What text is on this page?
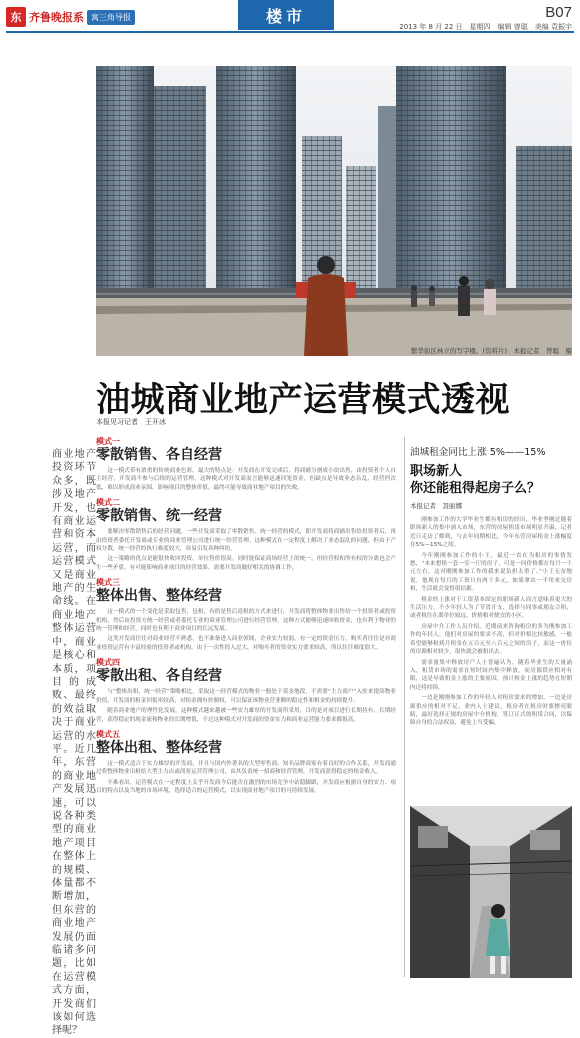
东 齐鲁晚报系 寓三角导报	楼市	B07
2013 年 8 月 22 日　星期四　编辑 曾聪　美编 袁振宇
繁华街区林立的写字楼。(资料片)　本报记者　曾聪　摄
商业地产投资环节众多，既涉及地产开发，也有商业运营和资本运营，而运营模式又是商业地产的生命线。在商业地产整体运营中，商业是核心和本质，项目的成败、最终的效益取决于商业运营的水平。近几年，东营的商业地产发展迅速，可以说各种类型的商业地产项目在整体上的规模、体量都不断增加，但东营的商业地产发展仍面临诸多问题，比如在运营模式方面，开发商们该如何选择呢？
油城商业地产运营模式透视
本报见习记者　王开冰
模式一
零散销售、各自经营

这一模式带有浓重的传统商业色彩，最大的特点是：开发商在开发完成后，将商铺分割成小块出售，由投资者个人自主经营，开发商不参与后续的运营管理。这种模式对开发商而言能够迅速回笼资金，但缺点是导致业态杂乱、经营档次低，难以形成商业氛围，影响项目的整体价值，最终可能导致商业地产项目的失败。

模式二
零散销售、统一经营

要解决零散销售后的经营问题，一些开发商采取了零散销售、统一经营的模式，即开发商将商铺出售给投资者后，再由投资者委托开发商或专业的商业管理公司进行统一经营管理。这种模式在一定程度上解决了业态混乱的问题，但由于产权分散，统一经营的执行难度较大，容易引发各种纠纷。

这一策略的优点是能很快收回投资，单位售价很高。同时能保证商场经营上的统一，但经营权和所有权的分离也会产生一些矛盾，有可能影响商业项目的经营效果，需要开发商做好相关的协调工作。

模式三
整体出售、整体经营

这一模式的一个变化是采取包售、包租，有的是售后返租的方式来进行，开发商将整体物业出售给一个投资者或投资机构，然后由投资方统一经营或者委托专业的商业管理公司进行经营管理。这种方式能够迅速回收资金，也有利于物业的统一管理和经营，同时也有利于商业项目的长远发展。

这类开发商往往对商业经营不熟悉，也不准备进入商业领域，企业实力较弱，有一定的资金压力，购买者往往是对商业投资运营有丰富经验的投资者或机构。由于一次性投入过大，对购买者的资金实力要求较高，所以往往难度很大。

模式四
零散出租、各自经营

与“整体出租、统一经营”策略相比，采取这一经营模式的物业一般处于黄金地段，不需要“主力商户”入驻来提高物业价值，开发商的租金回报率较高，对租金拥有控制权，可以保证该物业营业额的稳定性和租金的持续提升。

随着商业地产的理性化发展，这种模式越来越被一些实力雄厚的开发商所采用，目的是对项目进行长期持有、长期经营，获得稳定的现金流和物业的长期增值，不过这种模式对开发商的资金实力和商业运营能力要求都很高。

模式五
整体出租、整体经营

这一模式适合于实力雄厚的开发商，并且与国内外著名的大型零售商、知名品牌商家有着良好的合作关系，开发商通过将整体物业出租给大型主力店或商业运营管理公司，由其负责统一招商和经营管理，开发商获得稳定的租金收入。

不难看出，运营模式在一定程度上关乎开发商今后能否在激烈的市场竞争中站稳脚跟，开发商应根据自身的实力、项目的特点以及当地的市场环境，选择适合的运营模式，以实现商业地产项目的可持续发展。

油城租金同比上涨 5%——15%
职场新人
你还能租得起房子么？
本报记者　聂丽娜

刚参加工作的大学毕业生都有租房的经历，毕业季刚过随着职场新人的集中涌入市场，东营的房屋租赁市场明显升温，记者近日走访了解到，与去年同期相比，今年东营房屋租金上涨幅度在5%—15%之间。

今年刚刚参加工作的小王，最近一直在为租房的事情发愁，“本来想租一套一室一厅的房子，可是一问价格都在每月一千元左右，这对刚刚参加工作的我来说负担太重了。”小王无奈地说，他现在每月的工资只有两千多元，如果拿出一半用来交房租，生活就会变得很拮据。

租金的上涨对于工资基本固定的职场新人而言意味着更大的生活压力，不少年轻人为了节省开支，选择与同事或朋友合租，或者租住在离单位较远、价格相对便宜的小区。

房屋中介工作人员介绍，近期前来咨询租房的多为刚参加工作的年轻人，他们对房屋的要求不高，但对价格比较敏感，一般希望能够租到月租金在五百元至八百元之间的房子，而这一价位的房源相对较少，很快就会被租出去。

需求量集中释放房产人士普遍认为，随着毕业生的大量涌入，租赁市场的需求在短时间内集中释放，而房源供应相对有限，这是导致租金上涨的主要原因，预计租金上涨的趋势在短期内还将持续。

一边是刚刚参加工作的年轻人对租房需求的增加，一边是房源供应的相对不足，业内人士建议，租房者在租房时要擦亮眼睛，最好选择正规的房屋中介机构，签订正式的租赁合同，以保障自身的合法权益，避免上当受骗。
